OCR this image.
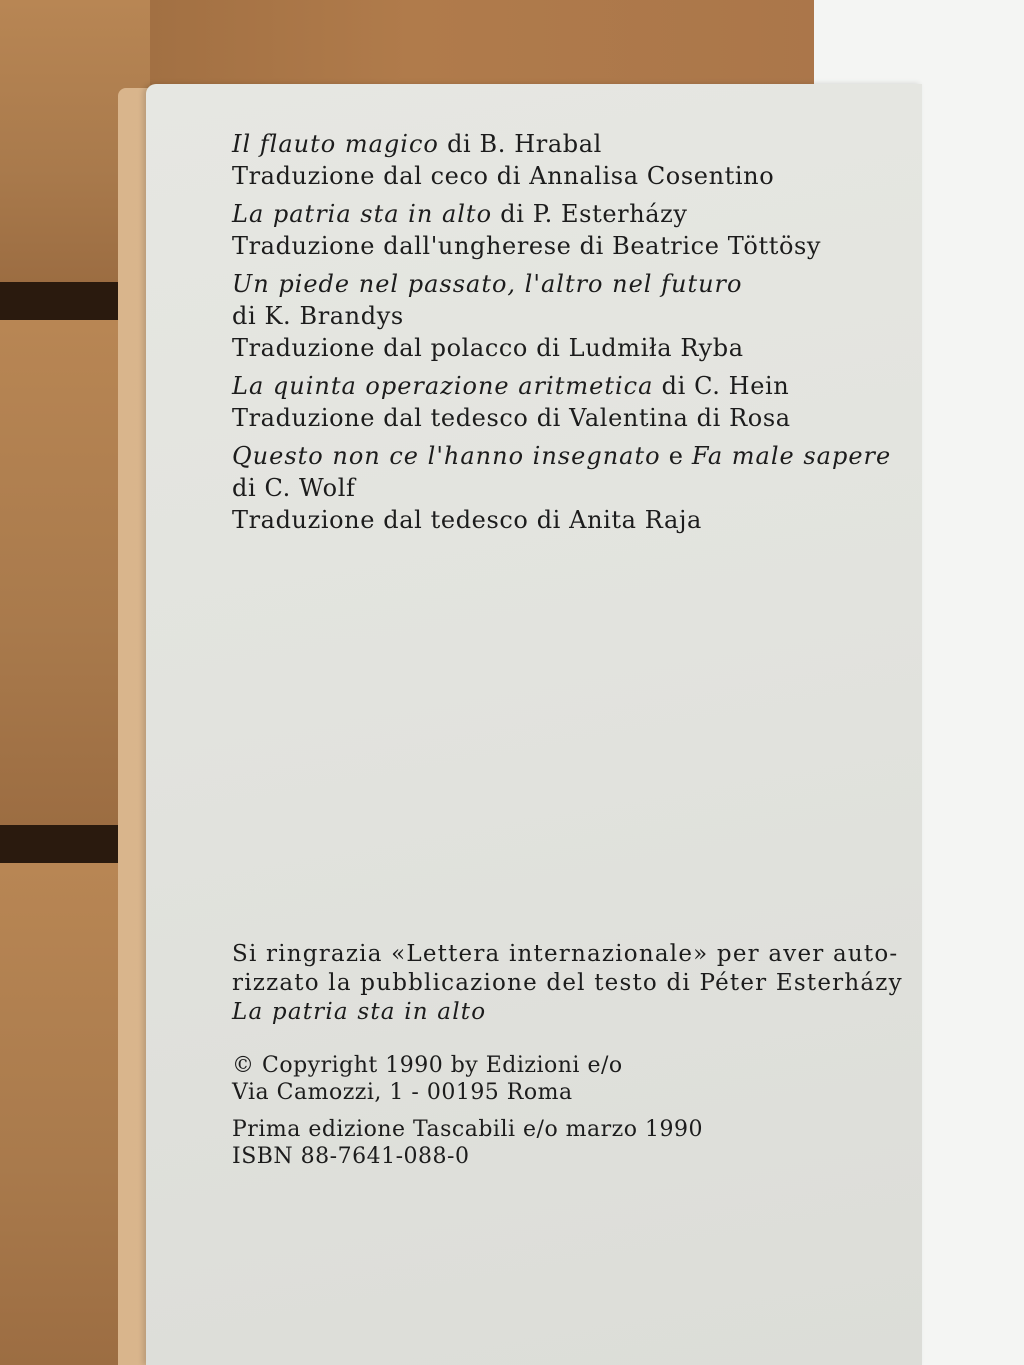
Il flauto magico di B. Hrabal
Traduzione dal ceco di Annalisa Cosentino
La patria sta in alto di P. Esterházy
Traduzione dall'ungherese di Beatrice Töttösy
Un piede nel passato, l'altro nel futuro
di K. Brandys
Traduzione dal polacco di Ludmiła Ryba
La quinta operazione aritmetica di C. Hein
Traduzione dal tedesco di Valentina di Rosa
Questo non ce l'hanno insegnato e Fa male sapere
di C. Wolf
Traduzione dal tedesco di Anita Raja
Si ringrazia «Lettera internazionale» per aver auto-
rizzato la pubblicazione del testo di Péter Esterházy
La patria sta in alto
© Copyright 1990 by Edizioni e/o
Via Camozzi, 1 - 00195 Roma
Prima edizione Tascabili e/o marzo 1990
ISBN 88-7641-088-0
